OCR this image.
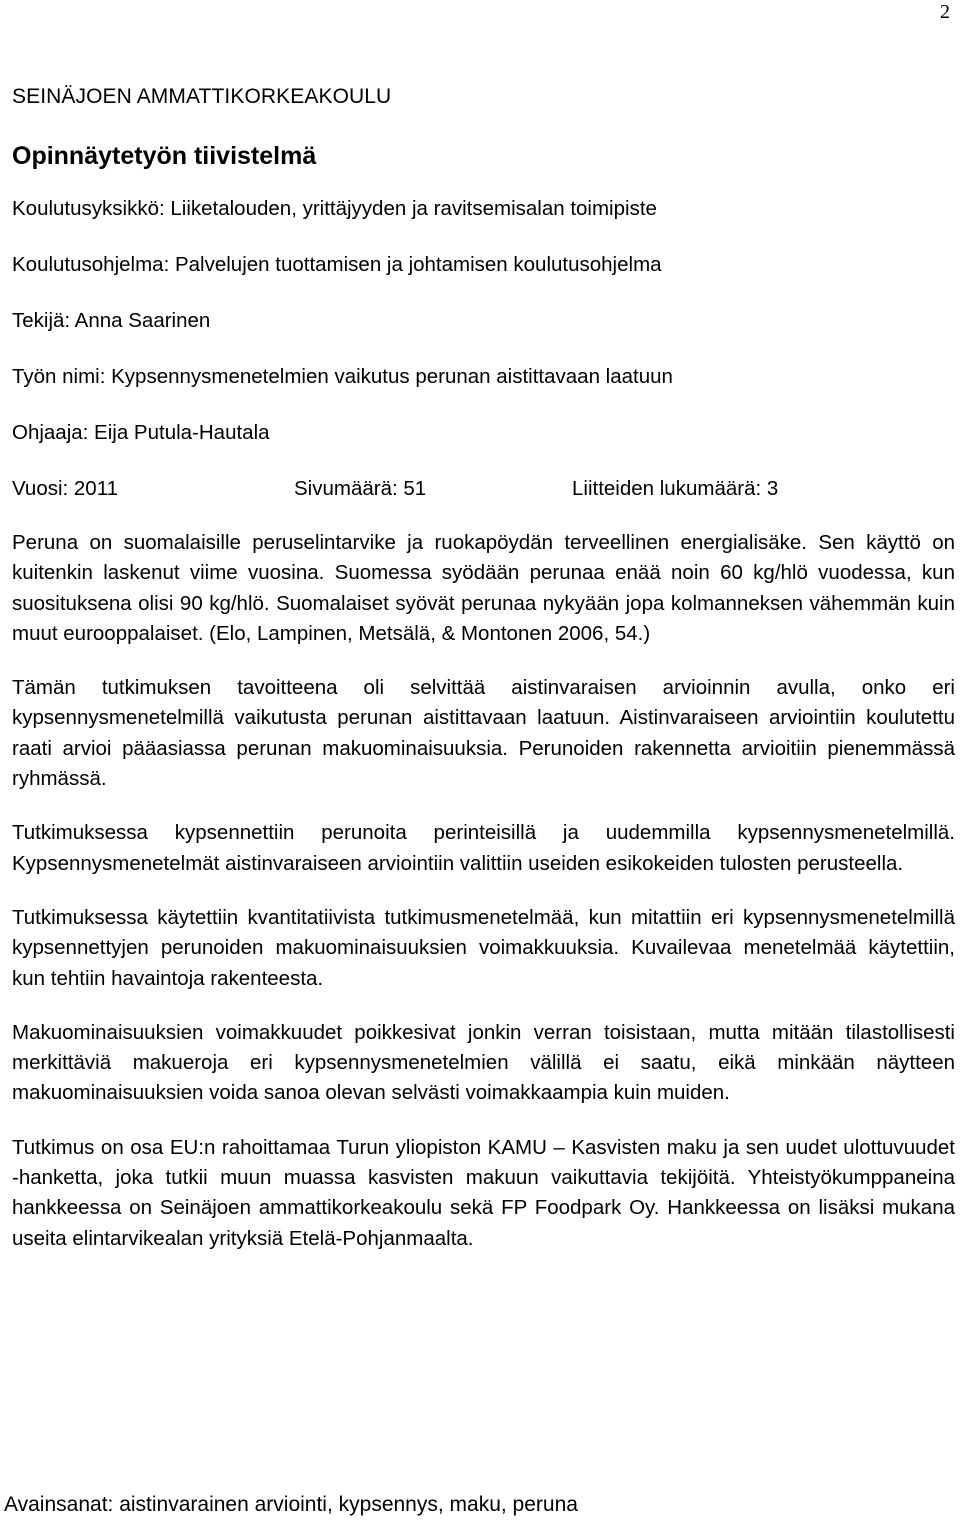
2
SEINÄJOEN AMMATTIKORKEAKOULU
Opinnäytetyön tiivistelmä
Koulutusyksikkö: Liiketalouden, yrittäjyyden ja ravitsemisalan toimipiste
Koulutusohjelma: Palvelujen tuottamisen ja johtamisen koulutusohjelma
Tekijä: Anna Saarinen
Työn nimi: Kypsennysmenetelmien vaikutus perunan aistittavaan laatuun
Ohjaaja: Eija Putula-Hautala
Vuosi: 2011	Sivumäärä: 51	Liitteiden lukumäärä: 3

Peruna on suomalaisille peruselintarvike ja ruokapöydän terveellinen energialisäke. Sen käyttö on kuitenkin laskenut viime vuosina. Suomessa syödään perunaa enää noin 60 kg/hlö vuodessa, kun suosituksena olisi 90 kg/hlö. Suomalaiset syövät perunaa nykyään jopa kolmanneksen vähemmän kuin muut eurooppalaiset. (Elo, Lampinen, Metsälä, & Montonen 2006, 54.)

Tämän tutkimuksen tavoitteena oli selvittää aistinvaraisen arvioinnin avulla, onko eri kypsennysmenetelmillä vaikutusta perunan aistittavaan laatuun. Aistinvaraiseen arviointiin koulutettu raati arvioi pääasiassa perunan makuominaisuuksia. Perunoiden rakennetta arvioitiin pienemmässä ryhmässä.

Tutkimuksessa kypsennettiin perunoita perinteisillä ja uudemmilla kypsennysmenetelmillä. Kypsennysmenetelmät aistinvaraiseen arviointiin valittiin useiden esikokeiden tulosten perusteella.

Tutkimuksessa käytettiin kvantitatiivista tutkimusmenetelmää, kun mitattiin eri kypsennysmenetelmillä kypsennettyjen perunoiden makuominaisuuksien voimakkuuksia. Kuvailevaa menetelmää käytettiin, kun tehtiin havaintoja rakenteesta.

Makuominaisuuksien voimakkuudet poikkesivat jonkin verran toisistaan, mutta mitään tilastollisesti merkittäviä makueroja eri kypsennysmenetelmien välillä ei saatu, eikä minkään näytteen makuominaisuuksien voida sanoa olevan selvästi voimakkaampia kuin muiden.

Tutkimus on osa EU:n rahoittamaa Turun yliopiston KAMU – Kasvisten maku ja sen uudet ulottuvuudet -hanketta, joka tutkii muun muassa kasvisten makuun vaikuttavia tekijöitä. Yhteistyökumppaneina hankkeessa on Seinäjoen ammattikorkeakoulu sekä FP Foodpark Oy. Hankkeessa on lisäksi mukana useita elintarvikealan yrityksiä Etelä-Pohjanmaalta.

Avainsanat: aistinvarainen arviointi, kypsennys, maku, peruna
